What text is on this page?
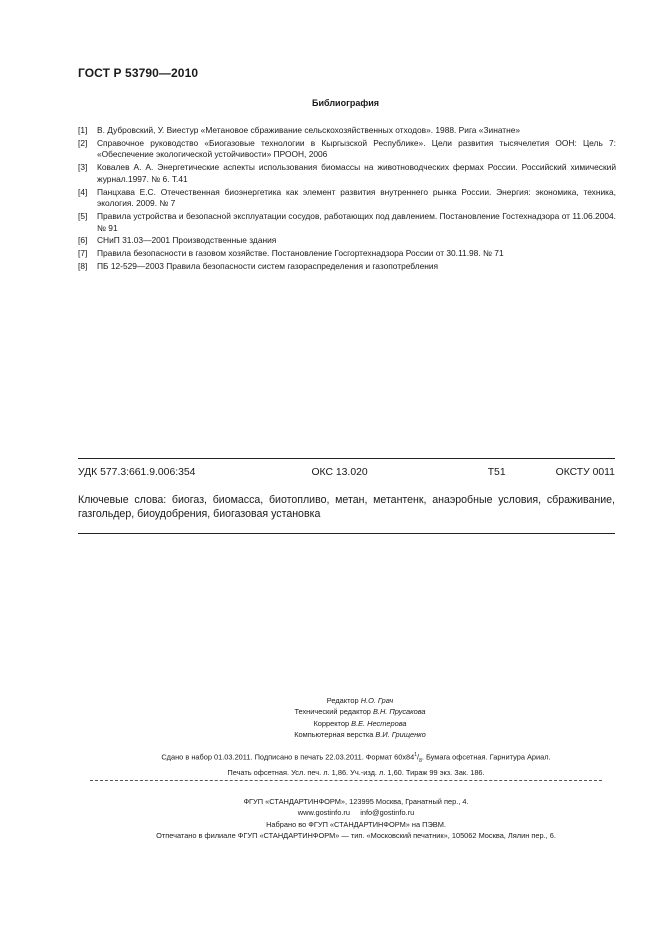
ГОСТ Р 53790—2010
Библиография
[1]	В. Дубровский, У. Виестур «Метановое сбраживание сельскохозяйственных отходов». 1988. Рига «Зинатне»
[2]	Справочное руководство «Биогазовые технологии в Кыргызской Республике». Цели развития тысячелетия ООН: Цель 7: «Обеспечение экологической устойчивости» ПРООН, 2006
[3]	Ковалев А. А. Энергетические аспекты использования биомассы на животноводческих фермах России. Российский химический журнал.1997. № 6. Т.41
[4]	Панцхава Е.С. Отечественная биоэнергетика как элемент развития внутреннего рынка России. Энергия: экономика, техника, экология. 2009. № 7
[5]	Правила устройства и безопасной эксплуатации сосудов, работающих под давлением. Постановление Гостехнадзора от 11.06.2004. № 91
[6]	СНиП 31.03—2001 Производственные здания
[7]	Правила безопасности в газовом хозяйстве. Постановление Госгортехнадзора России от 30.11.98. № 71
[8]	ПБ 12-529—2003 Правила безопасности систем газораспределения и газопотребления
УДК 577.3:661.9.006:354	ОКС 13.020	Т51	ОКСТУ 0011
Ключевые слова: биогаз, биомасса, биотопливо, метан, метантенк, анаэробные условия, сбраживание, газгольдер, биоудобрения, биогазовая установка
Редактор Н.О. Грач
Технический редактор В.Н. Прусакова
Корректор В.Е. Нестерова
Компьютерная верстка В.И. Грищенко
Сдано в набор 01.03.2011. Подписано в печать 22.03.2011. Формат $60x84^1/_8$. Бумага офсетная. Гарнитура Ариал.
Печать офсетная. Усл. печ. л. 1,86. Уч.-изд. л. 1,60. Тираж 99 экз. Зак. 186.
ФГУП «СТАНДАРТИНФОРМ», 123995 Москва, Гранатный пер., 4.
www.gostinfo.ru info@gostinfo.ru
Набрано во ФГУП «СТАНДАРТИНФОРМ» на ПЭВМ.
Отпечатано в филиале ФГУП «СТАНДАРТИНФОРМ» — тип. «Московский печатник», 105062 Москва, Лялин пер., 6.
